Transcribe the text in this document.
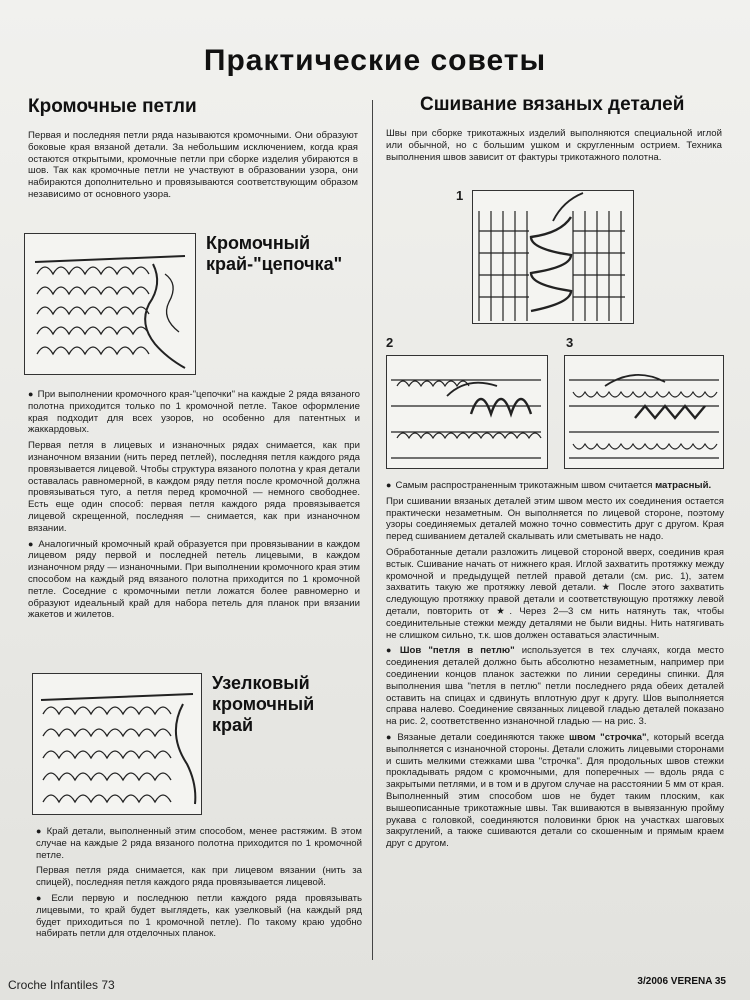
Практические советы
Кромочные петли

Первая и последняя петли ряда называются кромочными. Они образуют боковые края вязаной детали. За небольшим исключением, когда края остаются открытыми, кромочные петли при сборке изделия убираются в шов. Так как кромочные петли не участвуют в образовании узора, они набираются дополнительно и провязываются соответствующим образом независимо от основного узора.

Кромочный
край-"цепочка"

● При выполнении кромочного края-"цепочки" на каждые 2 ряда вязаного полотна приходится только по 1 кромочной петле. Такое оформление края подходит для всех узоров, но особенно для патентных и жаккардовых.

Первая петля в лицевых и изнаночных рядах снимается, как при изнаночном вязании (нить перед петлей), последняя петля каждого ряда провязывается лицевой. Чтобы структура вязаного полотна у края детали оставалась равномерной, в каждом ряду петля после кромочной должна провязываться туго, а петля перед кромочной — немного свободнее. Есть еще один способ: первая петля каждого ряда провязывается лицевой скрещенной, последняя — снимается, как при изнаночном вязании.

● Аналогичный кромочный край образуется при провязывании в каждом лицевом ряду первой и последней петель лицевыми, в каждом изнаночном ряду — изнаночными. При выполнении кромочного края этим способом на каждый ряд вязаного полотна приходится по 1 кромочной петле. Соседние с кромочными петли ложатся более равномерно и образуют идеальный край для набора петель для планок при вязании жакетов и жилетов.

Узелковый
кромочный
край

● Край детали, выполненный этим способом, менее растяжим. В этом случае на каждые 2 ряда вязаного полотна приходится по 1 кромочной петле.

Первая петля ряда снимается, как при лицевом вязании (нить за спицей), последняя петля каждого ряда провязывается лицевой.

● Если первую и последнюю петли каждого ряда провязывать лицевыми, то край будет выглядеть, как узелковый (на каждый ряд будет приходиться по 1 кромочной петле). По такому краю удобно набирать петли для отделочных планок.

Сшивание вязаных деталей

Швы при сборке трикотажных изделий выполняются специальной иглой или обычной, но с большим ушком и скругленным острием. Техника выполнения швов зависит от фактуры трикотажного полотна.

1
2	3

● Самым распространенным трикотажным швом считается матрасный.

При сшивании вязаных деталей этим швом место их соединения остается практически незаметным. Он выполняется по лицевой стороне, поэтому узоры соединяемых деталей можно точно совместить друг с другом. Края перед сшиванием деталей скалывать или сметывать не надо.

Обработанные детали разложить лицевой стороной вверх, соединив края встык. Сшивание начать от нижнего края. Иглой захватить протяжку между кромочной и предыдущей петлей правой детали (см. рис. 1), затем захватить такую же протяжку левой детали. ★ После этого захватить следующую протяжку правой детали и соответствующую протяжку левой детали, повторить от ★. Через 2—3 см нить натянуть так, чтобы соединительные стежки между деталями не были видны. Нить натягивать не слишком сильно, т.к. шов должен оставаться эластичным.

● Шов "петля в петлю" используется в тех случаях, когда место соединения деталей должно быть абсолютно незаметным, например при соединении концов планок застежки по линии середины спинки. Для выполнения шва "петля в петлю" петли последнего ряда обеих деталей оставить на спицах и сдвинуть вплотную друг к другу. Шов выполняется справа налево. Соединение связанных лицевой гладью деталей показано на рис. 2, соответственно изнаночной гладью — на рис. 3.

● Вязаные детали соединяются также швом "строчка", который всегда выполняется с изнаночной стороны. Детали сложить лицевыми сторонами и сшить мелкими стежками шва "строчка". Для продольных швов стежки прокладывать рядом с кромочными, для поперечных — вдоль ряда с закрытыми петлями, и в том и в другом случае на расстоянии 5 мм от края. Выполненный этим способом шов не будет таким плоским, как вышеописанные трикотажные швы. Так вшиваются в вывязанную пройму рукава с головкой, соединяются половинки брюк на участках шаговых закруглений, а также сшиваются детали со скошенным и прямым краем друг с другом.

Croche Infantiles 73	3/2006 VERENA 35
